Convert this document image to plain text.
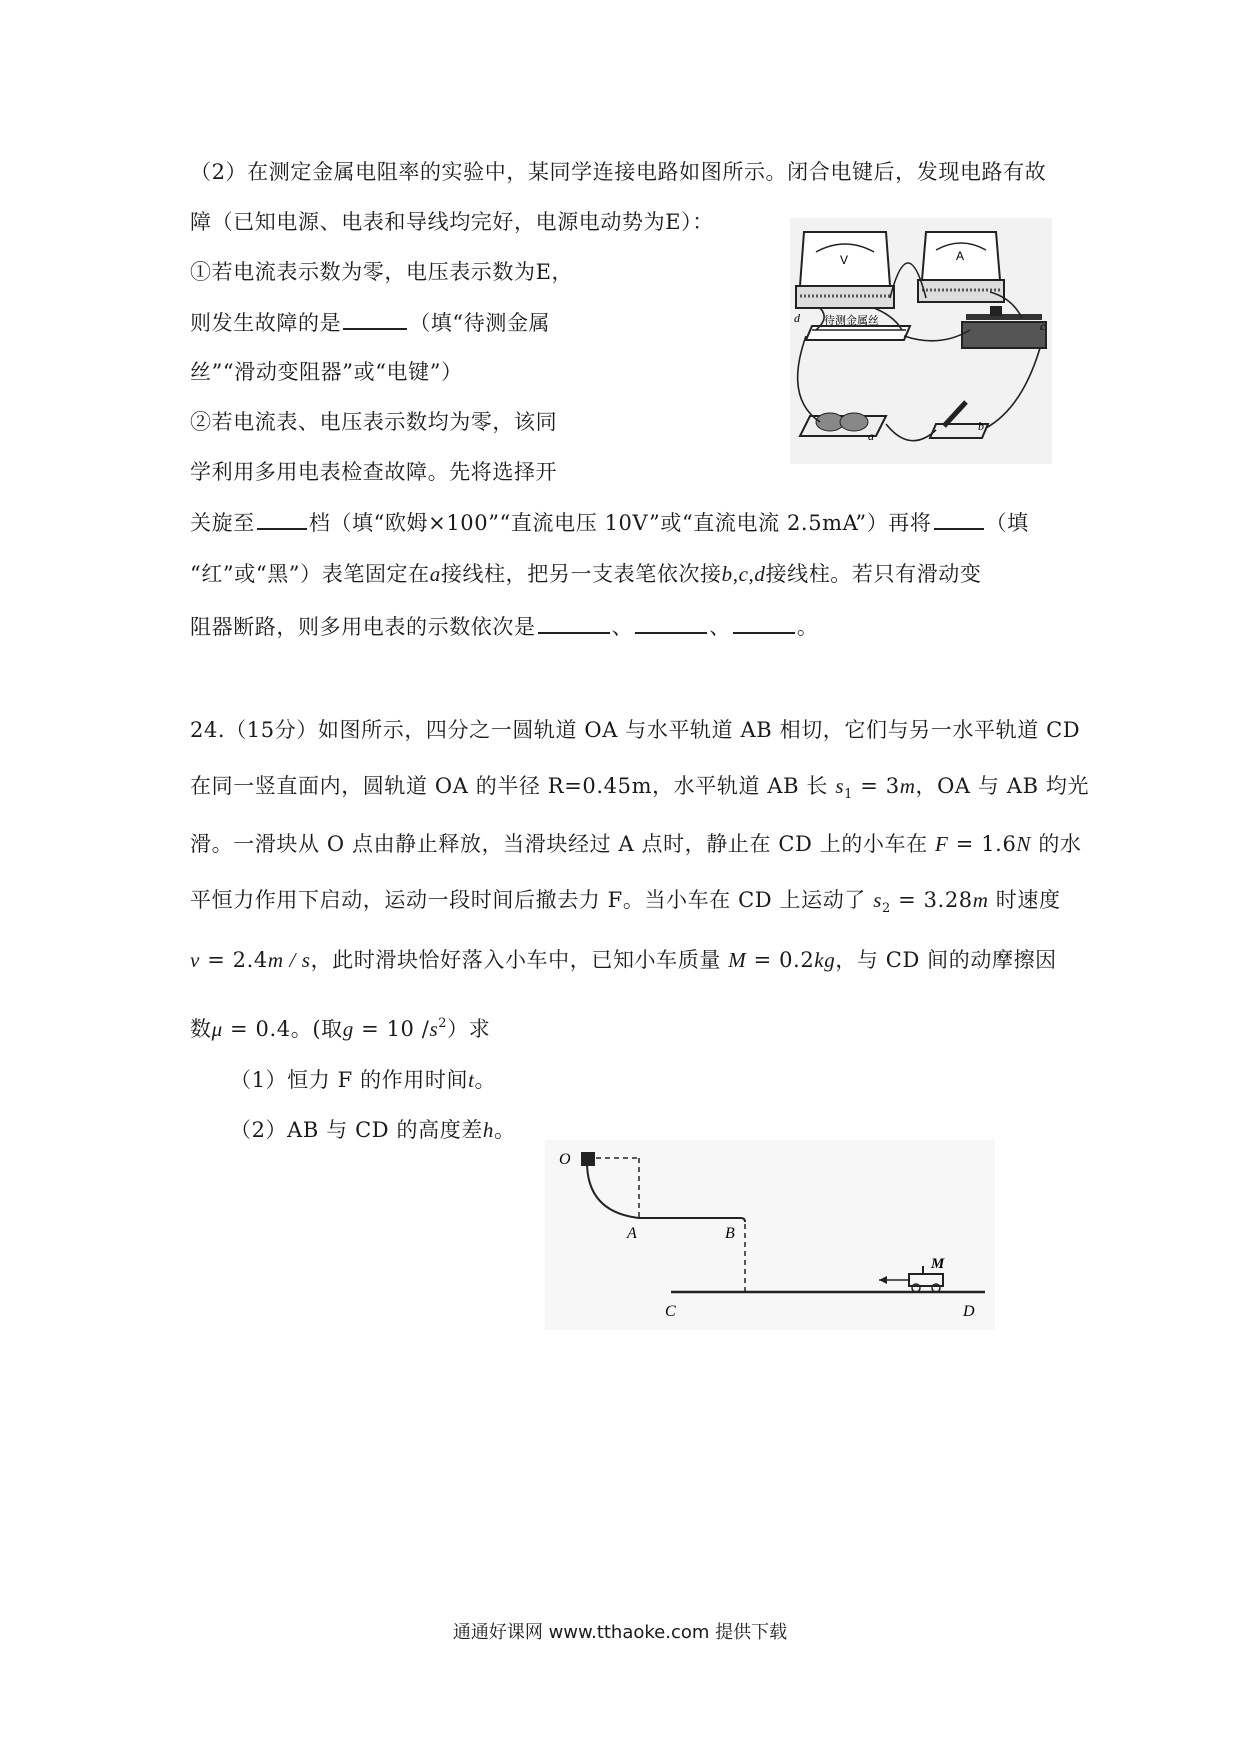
（2）在测定金属电阻率的实验中，某同学连接电路如图所示。闭合电键后，发现电路有故
障（已知电源、电表和导线均完好，电源电动势为E）：
①若电流表示数为零，电压表示数为E，
则发生故障的是	（填“待测金属
丝”“滑动变阻器”或“电键”）
②若电流表、电压表示数均为零，该同
学利用多用电表检查故障。先将选择开
关旋至	档（填“欧姆×100”“直流电压 10V”或“直流电流 2.5mA”）再将	（填
“红”或“黑”）表笔固定在a接线柱，把另一支表笔依次接b,c,d接线柱。若只有滑动变
阻器断路，则多用电表的示数依次是	、	、	。
V	A
待测金属丝
d
a
b
c
24.（15分）如图所示，四分之一圆轨道 OA 与水平轨道 AB 相切，它们与另一水平轨道 CD
在同一竖直面内，圆轨道 OA 的半径 R=0.45m，水平轨道 AB 长 $s_1 = 3m$，OA 与 AB 均光
滑。一滑块从 O 点由静止释放，当滑块经过 A 点时，静止在 CD 上的小车在 F = 1.6N 的水
平恒力作用下启动，运动一段时间后撤去力 F。当小车在 CD 上运动了 $s_2 = 3.28m$ 时速度
v = 2.4m / s，此时滑块恰好落入小车中，已知小车质量 M = 0.2kg，与 CD 间的动摩擦因
数μ = 0.4。(取g = 10 $/s^2$）求
（1）恒力 F 的作用时间t。
（2）AB 与 CD 的高度差h。
O
A	B
C	D
M
通通好课网 www.tthaoke.com 提供下载
